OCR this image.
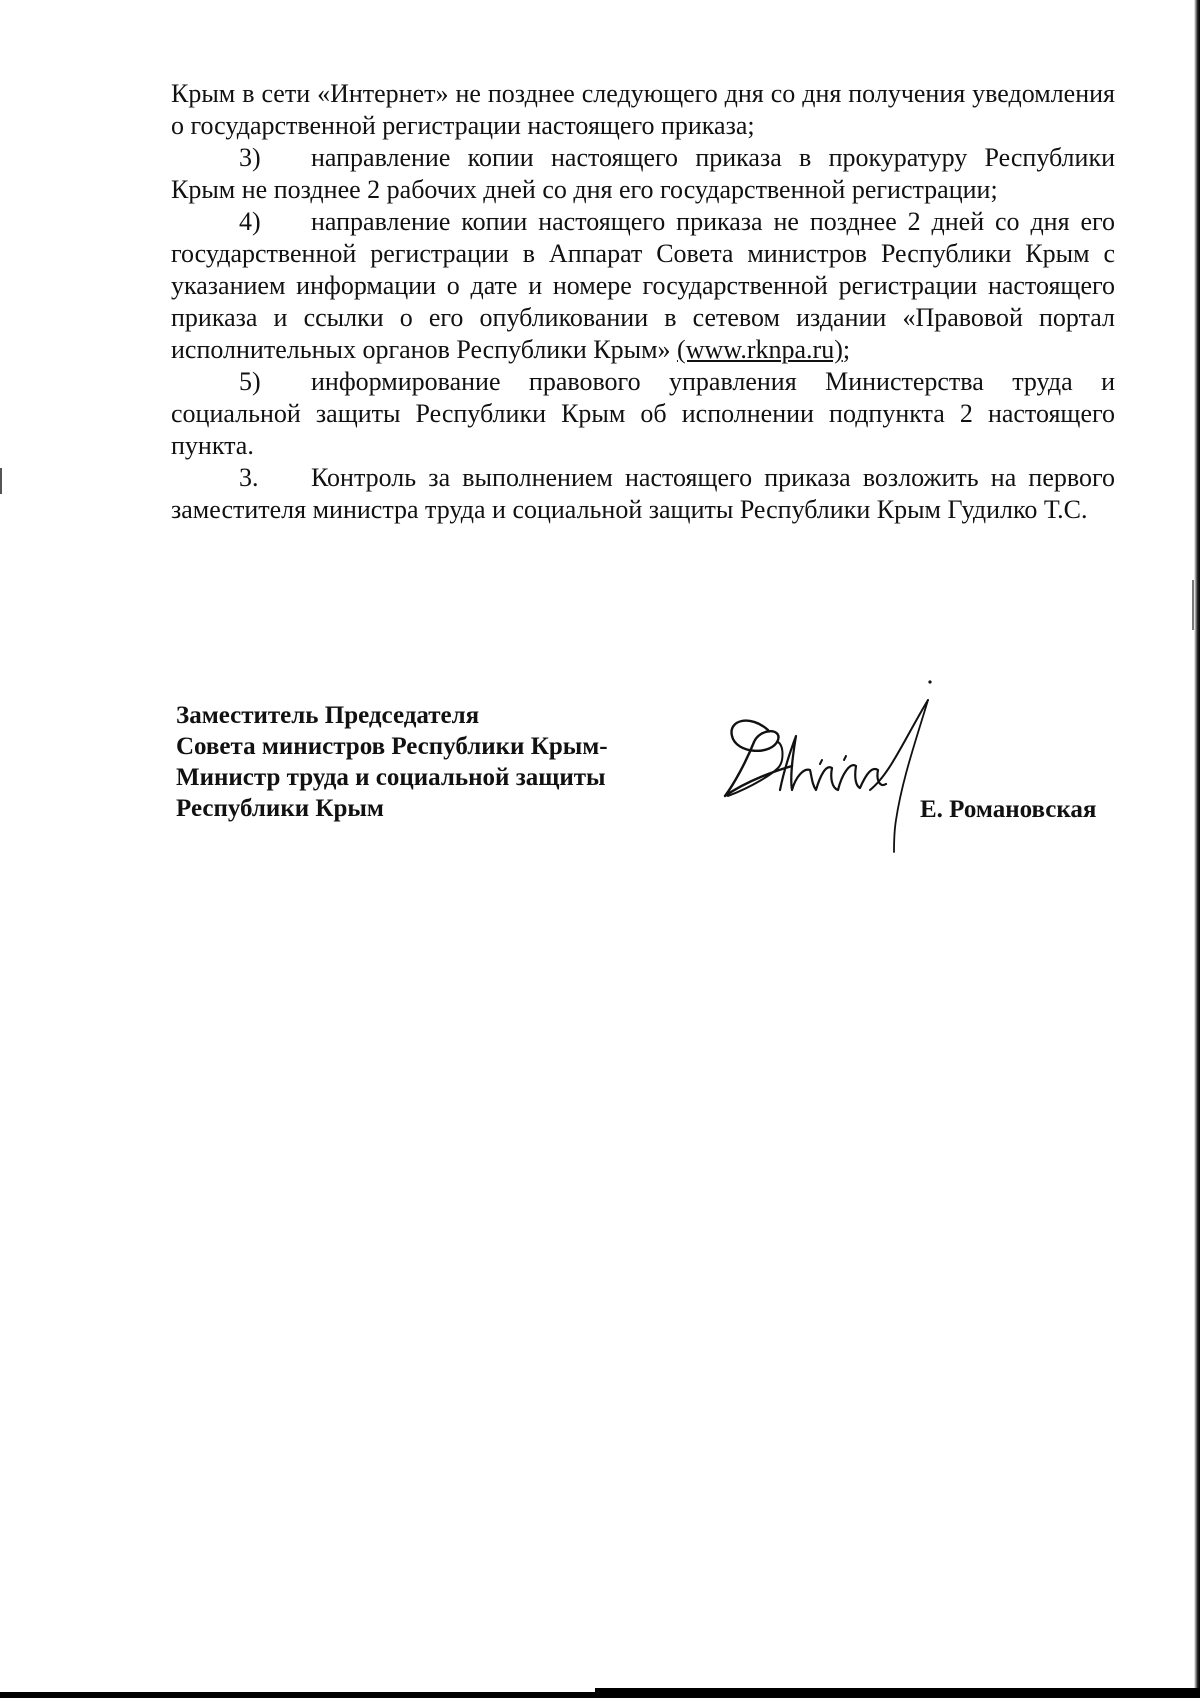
Крым в сети «Интернет» не позднее следующего дня со дня получения уведомления о государственной регистрации настоящего приказа;

3) направление копии настоящего приказа в прокуратуру Республики Крым не позднее 2 рабочих дней со дня его государственной регистрации;

4) направление копии настоящего приказа не позднее 2 дней со дня его государственной регистрации в Аппарат Совета министров Республики Крым с указанием информации о дате и номере государственной регистрации настоящего приказа и ссылки о его опубликовании в сетевом издании «Правовой портал исполнительных органов Республики Крым» (www.rknpa.ru);

5) информирование правового управления Министерства труда и социальной защиты Республики Крым об исполнении подпункта 2 настоящего пункта.

3. Контроль за выполнением настоящего приказа возложить на первого заместителя министра труда и социальной защиты Республики Крым Гудилко Т.С.

Заместитель Председателя
Совета министров Республики Крым-
Министр труда и социальной защиты
Республики Крым	Е. Романовская
